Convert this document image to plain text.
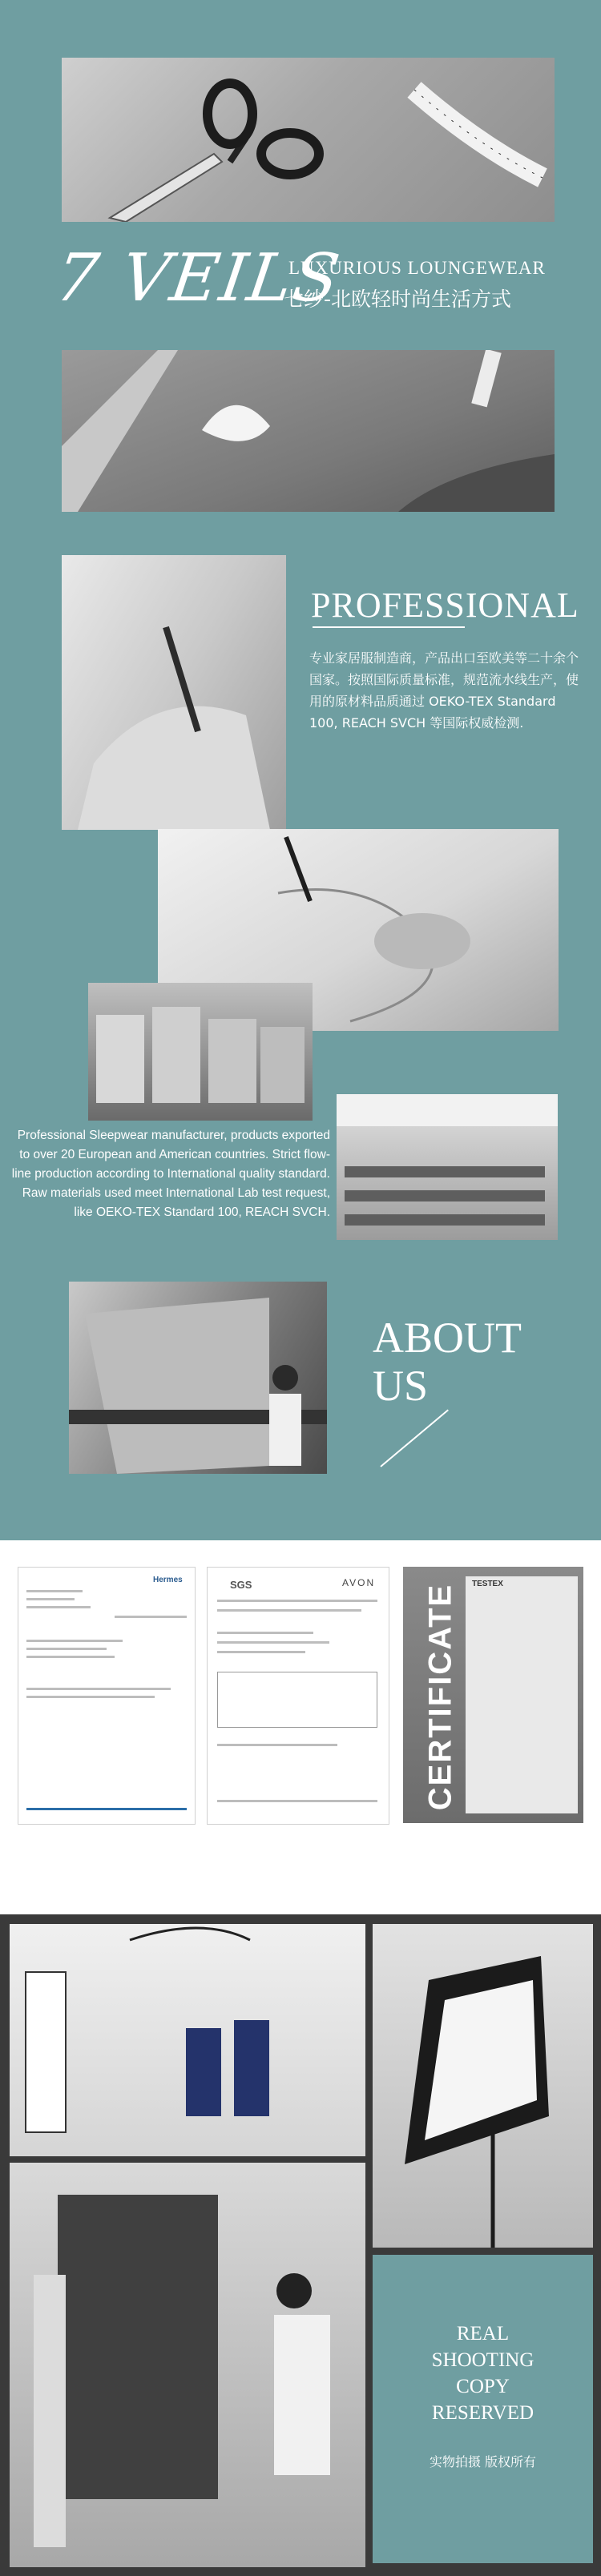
7 VEILS
LUXURIOUS LOUNGEWEAR
七纱-北欧轻时尚生活方式
PROFESSIONAL
专业家居服制造商，产品出口至欧美等二十余个国家。按照国际质量标准，规范流水线生产，使用的原材料品质通过 OEKO-TEX Standard 100, REACH SVCH 等国际权威检测.
Professional Sleepwear manufacturer, products exported to over 20 European and American countries. Strict flow-line production according to International quality standard. Raw materials used meet International Lab test request, like OEKO-TEX Standard 100, REACH SVCH.
ABOUT
US
Hermes	SGS	AVON
CERTIFICATE TESTEX
REAL
SHOOTING
COPY
RESERVED
实物拍摄 版权所有
